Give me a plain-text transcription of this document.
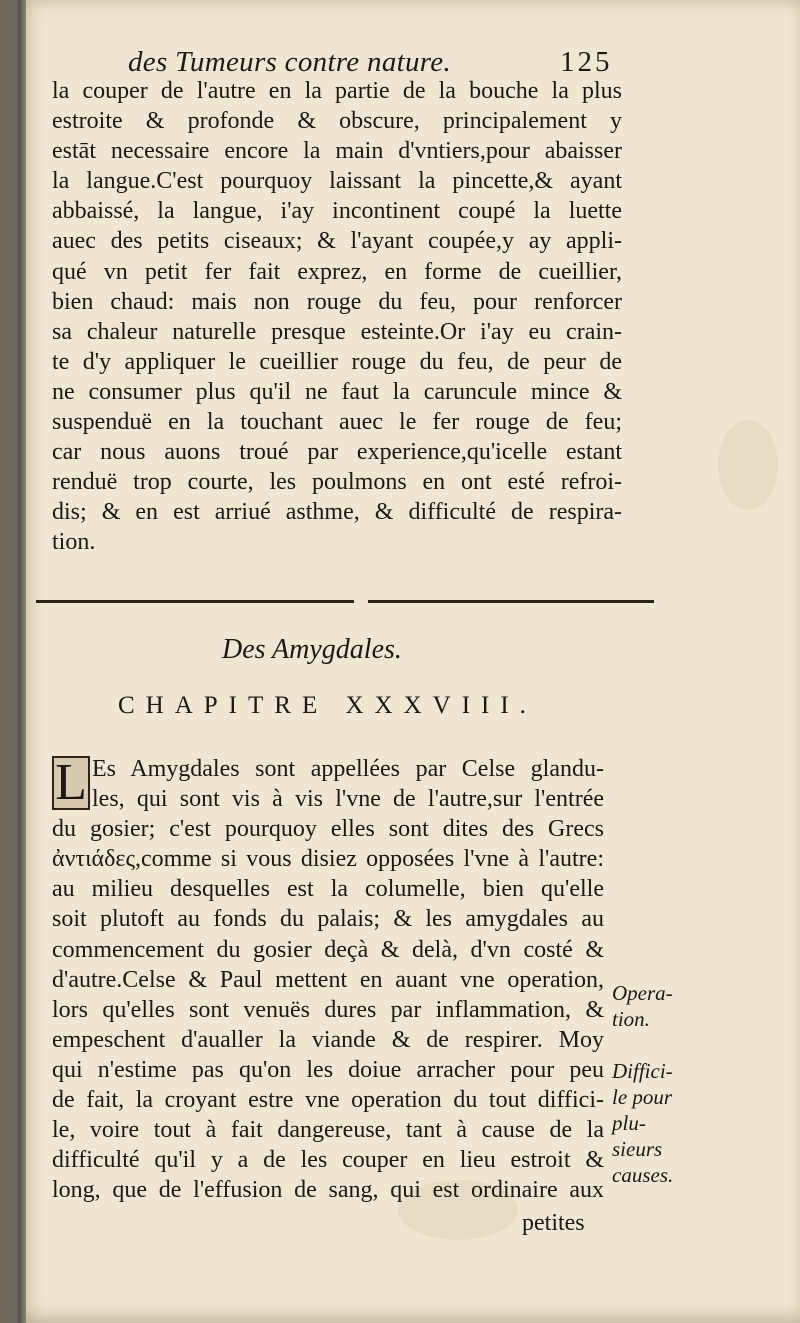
des Tumeurs contre nature.	125
la couper de l'autre en la partie de la bouche la plus
estroite & profonde & obscure, principalement y
estāt necessaire encore la main d'vntiers,pour abaisser
la langue.C'est pourquoy laissant la pincette,& ayant
abbaissé, la langue, i'ay incontinent coupé la luette
auec des petits ciseaux; & l'ayant coupée,y ay appli-
qué vn petit fer fait exprez, en forme de cueillier,
bien chaud: mais non rouge du feu, pour renforcer
sa chaleur naturelle presque esteinte.Or i'ay eu crain-
te d'y appliquer le cueillier rouge du feu, de peur de
ne consumer plus qu'il ne faut la caruncule mince &
suspenduë en la touchant auec le fer rouge de feu;
car nous auons troué par experience,qu'icelle estant
renduë trop courte, les poulmons en ont esté refroi-
dis; & en est arriué asthme, & difficulté de respira-
tion.
Des Amygdales.
CHAPITRE XXXVIII.
L Es Amygdales sont appellées par Celse glandu-
les, qui sont vis à vis l'vne de l'autre,sur l'entrée
du gosier; c'est pourquoy elles sont dites des Grecs
ἀντιάδες,comme si vous disiez opposées l'vne à l'autre:
au milieu desquelles est la columelle, bien qu'elle
soit plutoft au fonds du palais; & les amygdales au
commencement du gosier deçà & delà, d'vn costé &
d'autre.Celse & Paul mettent en auant vne operation,
lors qu'elles sont venuës dures par inflammation, &
empeschent d'aualler la viande & de respirer. Moy
qui n'estime pas qu'on les doiue arracher pour peu
de fait, la croyant estre vne operation du tout diffici-
le, voire tout à fait dangereuse, tant à cause de la
difficulté qu'il y a de les couper en lieu estroit &
long, que de l'effusion de sang, qui est ordinaire aux
Opera-
tion.
Diffici-
le pour
plu-
sieurs
causes.
petites
